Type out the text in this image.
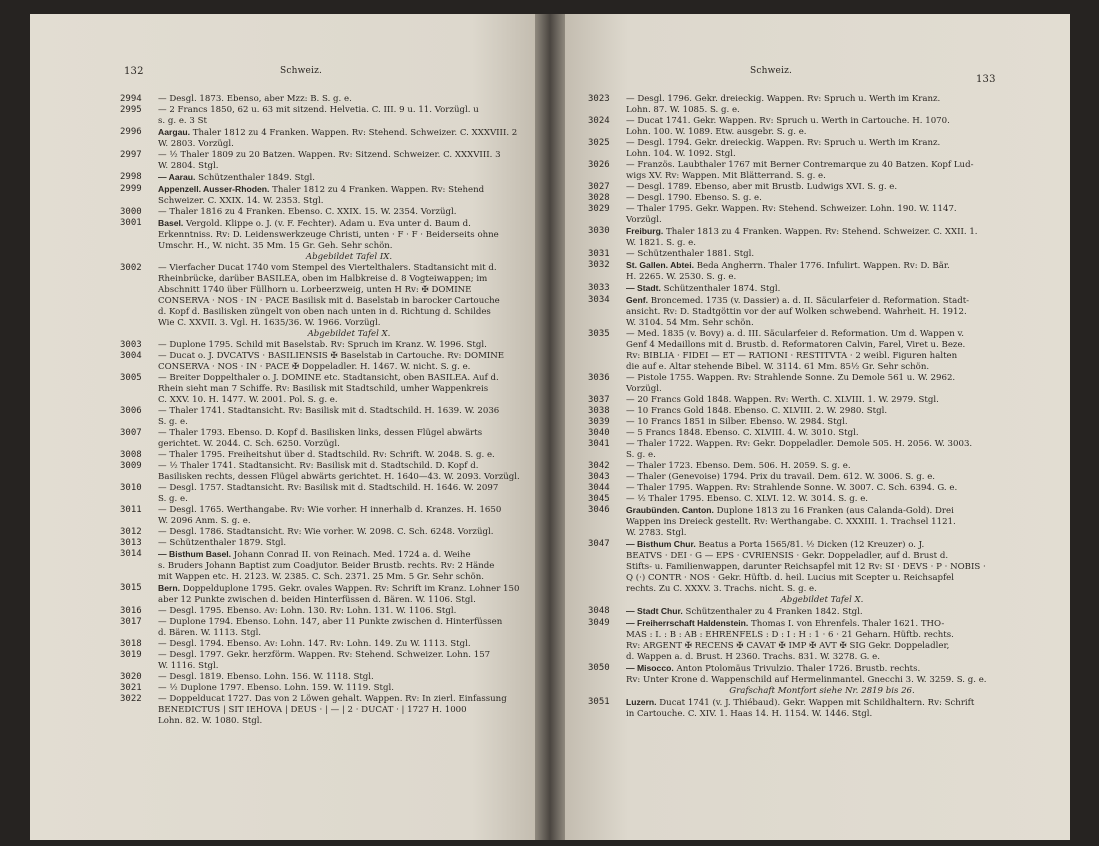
132	Schweiz.
2994 — Desgl. 1873. Ebenso, aber Mzz: B. S. g. e.
2995 — 2 Francs 1850, 62 u. 63 mit sitzend. Helvetia. C. III. 9 u. 11. Vorzügl. u
s. g. e. 3 St
2996 Aargau. Thaler 1812 zu 4 Franken. Wappen. Rv: Stehend. Schweizer. C. XXXVIII. 2
W. 2803. Vorzügl.
2997 — ½ Thaler 1809 zu 20 Batzen. Wappen. Rv: Sitzend. Schweizer. C. XXXVIII. 3
W. 2804. Stgl.
2998 — Aarau. Schützenthaler 1849. Stgl.
2999 Appenzell. Ausser-Rhoden. Thaler 1812 zu 4 Franken. Wappen. Rv: Stehend
Schweizer. C. XXIX. 14. W. 2353. Stgl.
3000 — Thaler 1816 zu 4 Franken. Ebenso. C. XXIX. 15. W. 2354. Vorzügl.
3001 Basel. Vergold. Klippe o. J. (v. F. Fechter). Adam u. Eva unter d. Baum d.
Erkenntniss. Rv: D. Leidenswerkzeuge Christi, unten · F · F · Beiderseits ohne
Umschr. H., W. nicht. 35 Mm. 15 Gr. Geh. Sehr schön.
Abgebildet Tafel IX.
3002 — Vierfacher Ducat 1740 vom Stempel des Viertelthalers. Stadtansicht mit d.
Rheinbrücke, darüber BASILEA, oben im Halbkreise d. 8 Vogteiwappen; im
Abschnitt 1740 über Füllhorn u. Lorbeerzweig, unten H Rv: ✠ DOMINE
CONSERVA · NOS · IN · PACE Basilisk mit d. Baselstab in barocker Cartouche
d. Kopf d. Basilisken züngelt von oben nach unten in d. Richtung d. Schildes
Wie C. XXVII. 3. Vgl. H. 1635/36. W. 1966. Vorzügl.
Abgebildet Tafel X.
3003 — Duplone 1795. Schild mit Baselstab. Rv: Spruch im Kranz. W. 1996. Stgl.
3004 — Ducat o. J. DVCATVS · BASILIENSIS ✠ Baselstab in Cartouche. Rv: DOMINE
CONSERVA · NOS · IN · PACE ✠ Doppeladler. H. 1467. W. nicht. S. g. e.
3005 — Breiter Doppelthaler o. J. DOMINE etc. Stadtansicht, oben BASILEA. Auf d.
Rhein sieht man 7 Schiffe. Rv: Basilisk mit Stadtschild, umher Wappenkreis
C. XXV. 10. H. 1477. W. 2001. Pol. S. g. e.
3006 — Thaler 1741. Stadtansicht. Rv: Basilisk mit d. Stadtschild. H. 1639. W. 2036
S. g. e.
3007 — Thaler 1793. Ebenso. D. Kopf d. Basilisken links, dessen Flügel abwärts
gerichtet. W. 2044. C. Sch. 6250. Vorzügl.
3008 — Thaler 1795. Freiheitshut über d. Stadtschild. Rv: Schrift. W. 2048. S. g. e.
3009 — ½ Thaler 1741. Stadtansicht. Rv: Basilisk mit d. Stadtschild. D. Kopf d.
Basilisken rechts, dessen Flügel abwärts gerichtet. H. 1640—43. W. 2093. Vorzügl.
3010 — Desgl. 1757. Stadtansicht. Rv: Basilisk mit d. Stadtschild. H. 1646. W. 2097
S. g. e.
3011 — Desgl. 1765. Werthangabe. Rv: Wie vorher. H innerhalb d. Kranzes. H. 1650
W. 2096 Anm. S. g. e.
3012 — Desgl. 1786. Stadtansicht. Rv: Wie vorher. W. 2098. C. Sch. 6248. Vorzügl.
3013 — Schützenthaler 1879. Stgl.
3014 — Bisthum Basel. Johann Conrad II. von Reinach. Med. 1724 a. d. Weihe
s. Bruders Johann Baptist zum Coadjutor. Beider Brustb. rechts. Rv: 2 Hände
mit Wappen etc. H. 2123. W. 2385. C. Sch. 2371. 25 Mm. 5 Gr. Sehr schön.
3015 Bern. Doppelduplone 1795. Gekr. ovales Wappen. Rv: Schrift im Kranz. Lohner 150
aber 12 Punkte zwischen d. beiden Hinterfüssen d. Bären. W. 1106. Stgl.
3016 — Desgl. 1795. Ebenso. Av: Lohn. 130. Rv: Lohn. 131. W. 1106. Stgl.
3017 — Duplone 1794. Ebenso. Lohn. 147, aber 11 Punkte zwischen d. Hinterfüssen
d. Bären. W. 1113. Stgl.
3018 — Desgl. 1794. Ebenso. Av: Lohn. 147. Rv: Lohn. 149. Zu W. 1113. Stgl.
3019 — Desgl. 1797. Gekr. herzförm. Wappen. Rv: Stehend. Schweizer. Lohn. 157
W. 1116. Stgl.
3020 — Desgl. 1819. Ebenso. Lohn. 156. W. 1118. Stgl.
3021 — ½ Duplone 1797. Ebenso. Lohn. 159. W. 1119. Stgl.
3022 — Doppelducat 1727. Das von 2 Löwen gehalt. Wappen. Rv: In zierl. Einfassung
BENEDICTUS | SIT IEHOVA | DEUS · | — | 2 · DUCAT · | 1727 H. 1000
Lohn. 82. W. 1080. Stgl.
Schweiz.
133
3023 — Desgl. 1796. Gekr. dreieckig. Wappen. Rv: Spruch u. Werth im Kranz.
Lohn. 87. W. 1085. S. g. e.
3024 — Ducat 1741. Gekr. Wappen. Rv: Spruch u. Werth in Cartouche. H. 1070.
Lohn. 100. W. 1089. Etw. ausgebr. S. g. e.
3025 — Desgl. 1794. Gekr. dreieckig. Wappen. Rv: Spruch u. Werth im Kranz.
Lohn. 104. W. 1092. Stgl.
3026 — Französ. Laubthaler 1767 mit Berner Contremarque zu 40 Batzen. Kopf Lud-
wigs XV. Rv: Wappen. Mit Blätterrand. S. g. e.
3027 — Desgl. 1789. Ebenso, aber mit Brustb. Ludwigs XVI. S. g. e.
3028 — Desgl. 1790. Ebenso. S. g. e.
3029 — Thaler 1795. Gekr. Wappen. Rv: Stehend. Schweizer. Lohn. 190. W. 1147.
Vorzügl.
3030 Freiburg. Thaler 1813 zu 4 Franken. Wappen. Rv: Stehend. Schweizer. C. XXII. 1.
W. 1821. S. g. e.
3031 — Schützenthaler 1881. Stgl.
3032 St. Gallen. Abtei. Beda Angherrn. Thaler 1776. Infulirt. Wappen. Rv: D. Bär.
H. 2265. W. 2530. S. g. e.
3033 — Stadt. Schützenthaler 1874. Stgl.
3034 Genf. Broncemed. 1735 (v. Dassier) a. d. II. Säcularfeier d. Reformation. Stadt-
ansicht. Rv: D. Stadtgöttin vor der auf Wolken schwebend. Wahrheit. H. 1912.
W. 3104. 54 Mm. Sehr schön.
3035 — Med. 1835 (v. Bovy) a. d. III. Säcularfeier d. Reformation. Um d. Wappen v.
Genf 4 Medaillons mit d. Brustb. d. Reformatoren Calvin, Farel, Viret u. Beze.
Rv: BIBLIA · FIDEI — ET — RATIONI · RESTITVTA · 2 weibl. Figuren halten
die auf e. Altar stehende Bibel. W. 3114. 61 Mm. 85½ Gr. Sehr schön.
3036 — Pistole 1755. Wappen. Rv: Strahlende Sonne. Zu Demole 561 u. W. 2962.
Vorzügl.
3037 — 20 Francs Gold 1848. Wappen. Rv: Werth. C. XLVIII. 1. W. 2979. Stgl.
3038 — 10 Francs Gold 1848. Ebenso. C. XLVIII. 2. W. 2980. Stgl.
3039 — 10 Francs 1851 in Silber. Ebenso. W. 2984. Stgl.
3040 — 5 Francs 1848. Ebenso. C. XLVIII. 4. W. 3010. Stgl.
3041 — Thaler 1722. Wappen. Rv: Gekr. Doppeladler. Demole 505. H. 2056. W. 3003.
S. g. e.
3042 — Thaler 1723. Ebenso. Dem. 506. H. 2059. S. g. e.
3043 — Thaler (Genevoise) 1794. Prix du travail. Dem. 612. W. 3006. S. g. e.
3044 — Thaler 1795. Wappen. Rv: Strahlende Sonne. W. 3007. C. Sch. 6394. G. e.
3045 — ½ Thaler 1795. Ebenso. C. XLVI. 12. W. 3014. S. g. e.
3046 Graubünden. Canton. Duplone 1813 zu 16 Franken (aus Calanda-Gold). Drei
Wappen ins Dreieck gestellt. Rv: Werthangabe. C. XXXIII. 1. Trachsel 1121.
W. 2783. Stgl.
3047 — Bisthum Chur. Beatus a Porta 1565/81. ½ Dicken (12 Kreuzer) o. J.
BEATVS · DEI · G — EPS · CVRIENSIS · Gekr. Doppeladler, auf d. Brust d.
Stifts- u. Familienwappen, darunter Reichsapfel mit 12 Rv: SI · DEVS · P · NOBIS ·
Q (·) CONTR · NOS · Gekr. Hüftb. d. heil. Lucius mit Scepter u. Reichsapfel
rechts. Zu C. XXXV. 3. Trachs. nicht. S. g. e.
Abgebildet Tafel X.
3048 — Stadt Chur. Schützenthaler zu 4 Franken 1842. Stgl.
3049 — Freiherrschaft Haldenstein. Thomas I. von Ehrenfels. Thaler 1621. THO-
MAS : I. : B : AB : EHRENFELS : D : I : H : 1 · 6 · 21 Geharn. Hüftb. rechts.
Rv: ARGENT ✠ RECENS ✠ CAVAT ✠ IMP ✠ AVT ✠ SIG Gekr. Doppeladler,
d. Wappen a. d. Brust. H 2360. Trachs. 831. W. 3278. G. e.
3050 — Misocco. Anton Ptolomäus Trivulzio. Thaler 1726. Brustb. rechts.
Rv: Unter Krone d. Wappenschild auf Hermelinmantel. Gnecchi 3. W. 3259. S. g. e.
Grafschaft Montfort siehe Nr. 2819 bis 26.
3051 Luzern. Ducat 1741 (v. J. Thiébaud). Gekr. Wappen mit Schildhaltern. Rv: Schrift
in Cartouche. C. XIV. 1. Haas 14. H. 1154. W. 1446. Stgl.
